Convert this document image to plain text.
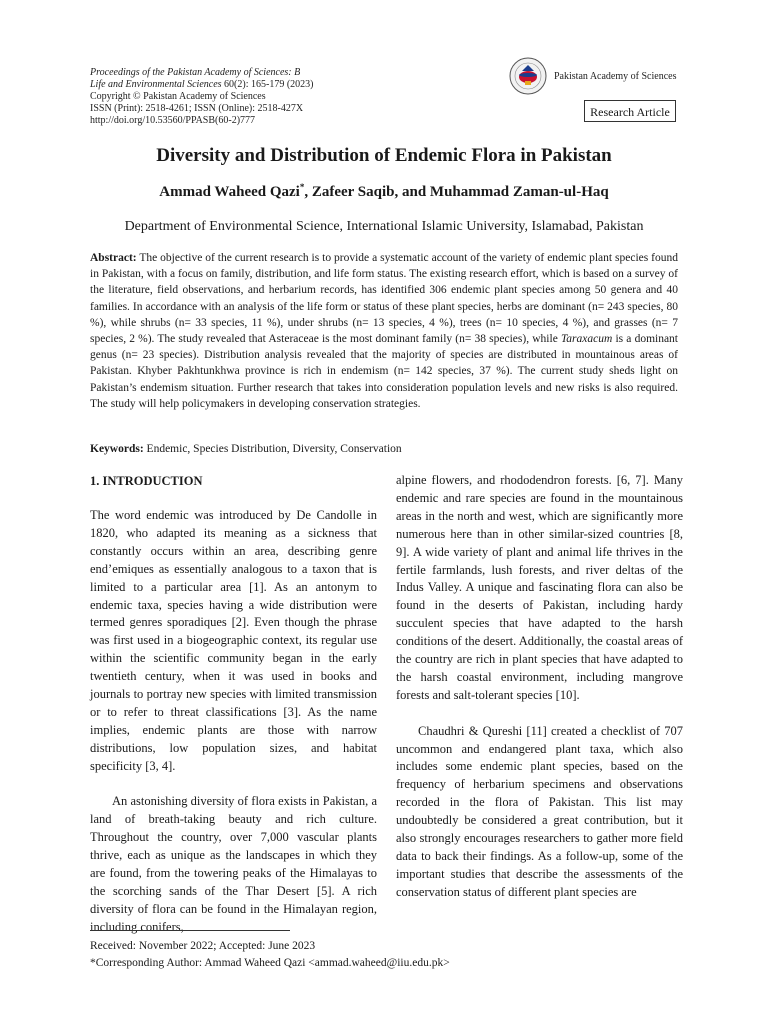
Proceedings of the Pakistan Academy of Sciences: B
Life and Environmental Sciences 60(2): 165-179 (2023)
Copyright © Pakistan Academy of Sciences
ISSN (Print): 2518-4261; ISSN (Online): 2518-427X
http://doi.org/10.53560/PPASB(60-2)777
Pakistan Academy of Sciences
Research Article
Diversity and Distribution of Endemic Flora in Pakistan
Ammad Waheed Qazi*, Zafeer Saqib, and Muhammad Zaman-ul-Haq
Department of Environmental Science, International Islamic University, Islamabad, Pakistan

Abstract: The objective of the current research is to provide a systematic account of the variety of endemic plant species found in Pakistan, with a focus on family, distribution, and life form status. The existing research effort, which is based on a survey of the literature, field observations, and herbarium records, has identified 306 endemic plant species among 50 genera and 40 families. In accordance with an analysis of the life form or status of these plant species, herbs are dominant (n= 243 species, 80 %), while shrubs (n= 33 species, 11 %), under shrubs (n= 13 species, 4 %), trees (n= 10 species, 4 %), and grasses (n= 7 species, 2 %). The study revealed that Asteraceae is the most dominant family (n= 38 species), while Taraxacum is a dominant genus (n= 23 species). Distribution analysis revealed that the majority of species are distributed in mountainous areas of Pakistan. Khyber Pakhtunkhwa province is rich in endemism (n= 142 species, 37 %). The current study sheds light on Pakistan’s endemism situation. Further research that takes into consideration population levels and new risks is also required. The study will help policymakers in developing conservation strategies.

Keywords: Endemic, Species Distribution, Diversity, Conservation

1. INTRODUCTION

The word endemic was introduced by De Candolle in 1820, who adapted its meaning as a sickness that constantly occurs within an area, describing genre end’emiques as essentially analogous to a taxon that is limited to a particular area [1]. As an antonym to endemic taxa, species having a wide distribution were termed genres sporadiques [2]. Even though the phrase was first used in a biogeographic context, its regular use within the scientific community began in the early twentieth century, when it was used in books and journals to portray new species with limited transmission or to refer to threat classifications [3]. As the name implies, endemic plants are those with narrow distributions, low population sizes, and habitat specificity [3, 4].

An astonishing diversity of flora exists in Pakistan, a land of breath-taking beauty and rich culture. Throughout the country, over 7,000 vascular plants thrive, each as unique as the landscapes in which they are found, from the towering peaks of the Himalayas to the scorching sands of the Thar Desert [5]. A rich diversity of flora can be found in the Himalayan region, including conifers,

alpine flowers, and rhododendron forests. [6, 7]. Many endemic and rare species are found in the mountainous areas in the north and west, which are significantly more numerous here than in other similar-sized countries [8, 9]. A wide variety of plant and animal life thrives in the fertile farmlands, lush forests, and river deltas of the Indus Valley. A unique and fascinating flora can also be found in the deserts of Pakistan, including hardy succulent species that have adapted to the harsh conditions of the desert. Additionally, the coastal areas of the country are rich in plant species that have adapted to the harsh coastal environment, including mangrove forests and salt-tolerant species [10].

Chaudhri & Qureshi [11] created a checklist of 707 uncommon and endangered plant taxa, which also includes some endemic plant species, based on the frequency of herbarium specimens and observations recorded in the flora of Pakistan. This list may undoubtedly be considered a great contribution, but it also strongly encourages researchers to gather more field data to back their findings. As a follow-up, some of the important studies that describe the assessments of the conservation status of different plant species are

Received: November 2022; Accepted: June 2023
*Corresponding Author: Ammad Waheed Qazi <ammad.waheed@iiu.edu.pk>
